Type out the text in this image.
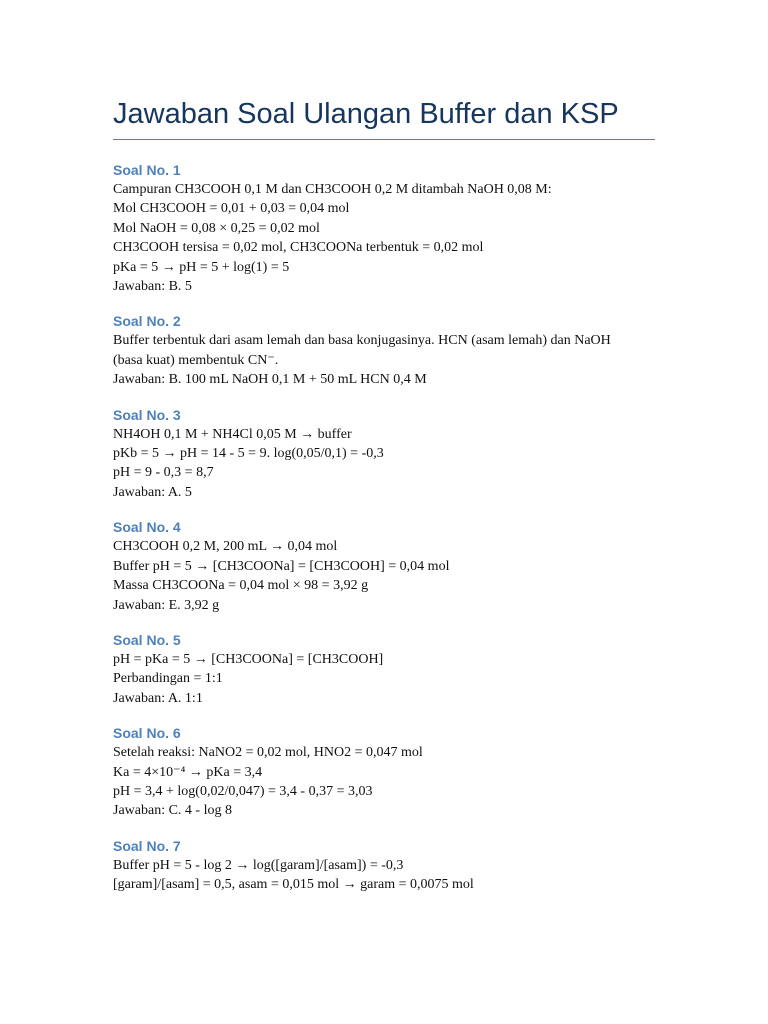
Jawaban Soal Ulangan Buffer dan KSP
Soal No. 1
Campuran CH3COOH 0,1 M dan CH3COOH 0,2 M ditambah NaOH 0,08 M:
Mol CH3COOH = 0,01 + 0,03 = 0,04 mol
Mol NaOH = 0,08 × 0,25 = 0,02 mol
CH3COOH tersisa = 0,02 mol, CH3COONa terbentuk = 0,02 mol
pKa = 5 → pH = 5 + log(1) = 5
Jawaban: B. 5
Soal No. 2
Buffer terbentuk dari asam lemah dan basa konjugasinya. HCN (asam lemah) dan NaOH
(basa kuat) membentuk CN⁻.
Jawaban: B. 100 mL NaOH 0,1 M + 50 mL HCN 0,4 M
Soal No. 3
NH4OH 0,1 M + NH4Cl 0,05 M → buffer
pKb = 5 → pH = 14 - 5 = 9. log(0,05/0,1) = -0,3
pH = 9 - 0,3 = 8,7
Jawaban: A. 5
Soal No. 4
CH3COOH 0,2 M, 200 mL → 0,04 mol
Buffer pH = 5 → [CH3COONa] = [CH3COOH] = 0,04 mol
Massa CH3COONa = 0,04 mol × 98 = 3,92 g
Jawaban: E. 3,92 g
Soal No. 5
pH = pKa = 5 → [CH3COONa] = [CH3COOH]
Perbandingan = 1:1
Jawaban: A. 1:1
Soal No. 6
Setelah reaksi: NaNO2 = 0,02 mol, HNO2 = 0,047 mol
Ka = 4×10⁻⁴ → pKa = 3,4
pH = 3,4 + log(0,02/0,047) = 3,4 - 0,37 = 3,03
Jawaban: C. 4 - log 8
Soal No. 7
Buffer pH = 5 - log 2 → log([garam]/[asam]) = -0,3
[garam]/[asam] = 0,5, asam = 0,015 mol → garam = 0,0075 mol
